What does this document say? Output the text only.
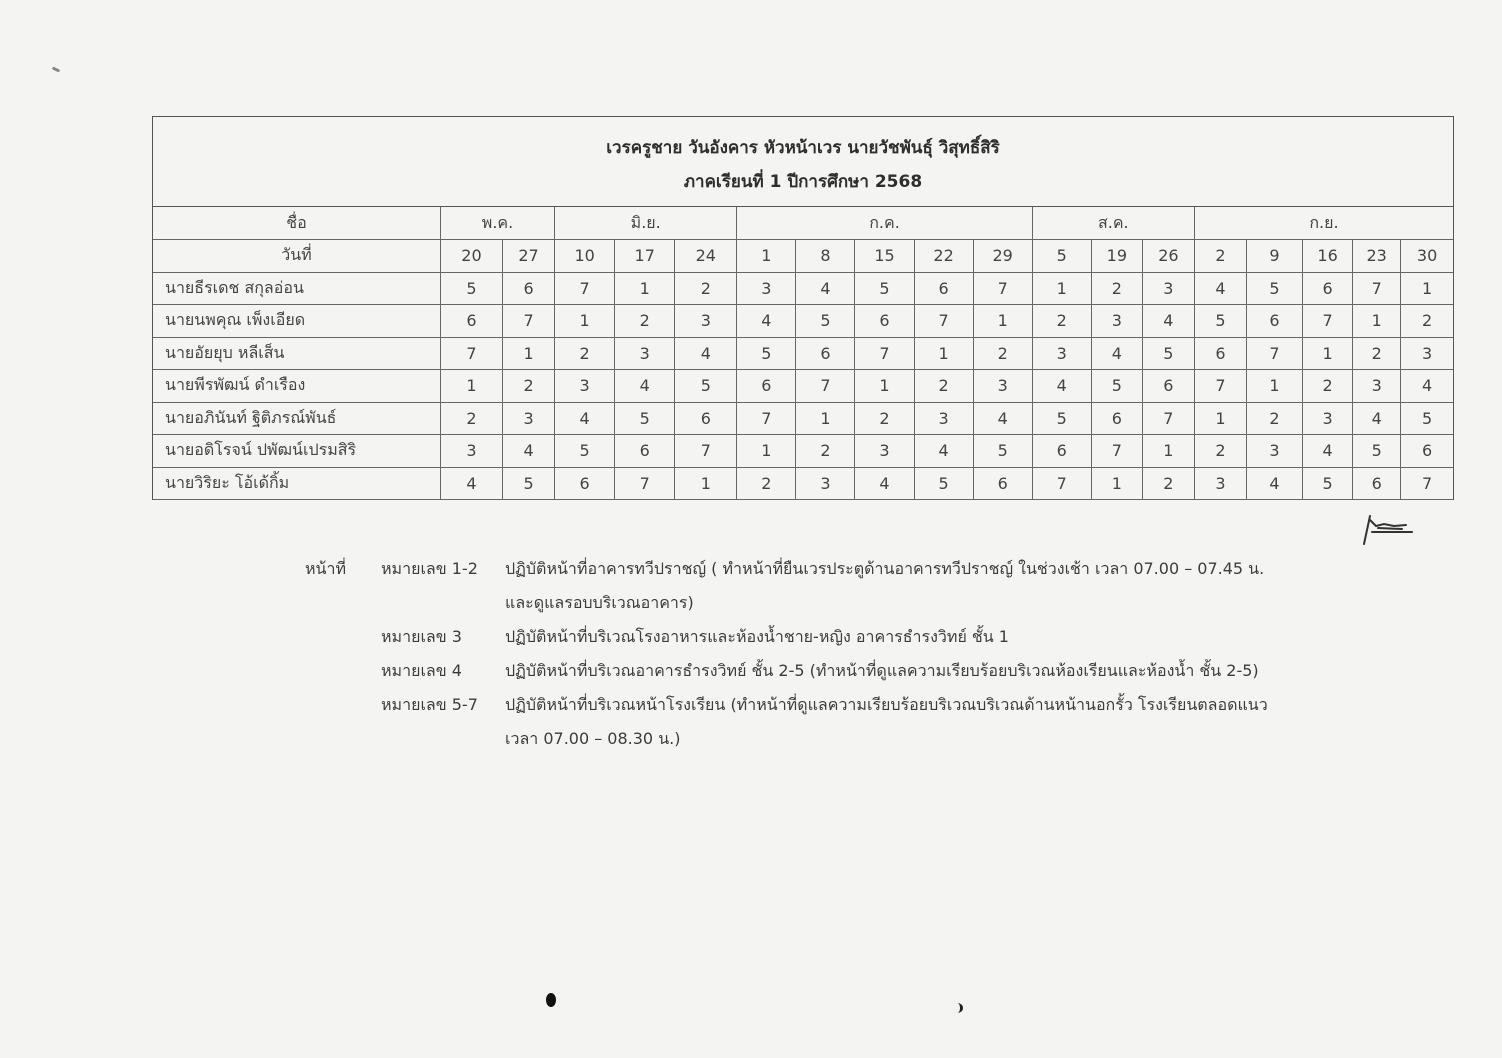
เวรครูชาย วันอังคาร หัวหน้าเวร นายวัชพันธุ์ วิสุทธิ์สิริ
ภาคเรียนที่ 1 ปีการศึกษา 2568
ชื่อ	พ.ค.		มิ.ย.			ก.ค.					ส.ค.			ก.ย.				
วันที่	20	27	10	17	24	1	8	15	22	29	5	19	26	2	9	16	23	30
นายธีรเดช สกุลอ่อน	5	6	7	1	2	3	4	5	6	7	1	2	3	4	5	6	7	1
นายนพคุณ เพ็งเอียด	6	7	1	2	3	4	5	6	7	1	2	3	4	5	6	7	1	2
นายอัยยุบ หลีเส็น	7	1	2	3	4	5	6	7	1	2	3	4	5	6	7	1	2	3
นายพีรพัฒน์ ดำเรือง	1	2	3	4	5	6	7	1	2	3	4	5	6	7	1	2	3	4
นายอภินันท์ ฐิติภรณ์พันธ์	2	3	4	5	6	7	1	2	3	4	5	6	7	1	2	3	4	5
นายอดิโรจน์ ปพัฒน์เปรมสิริ	3	4	5	6	7	1	2	3	4	5	6	7	1	2	3	4	5	6
นายวิริยะ โอ้เด้กิ้ม	4	5	6	7	1	2	3	4	5	6	7	1	2	3	4	5	6	7
หน้าที่ หมายเลข 1-2 ปฏิบัติหน้าที่อาคารทวีปราชญ์ ( ทำหน้าที่ยืนเวรประตูด้านอาคารทวีปราชญ์ ในช่วงเช้า เวลา 07.00 – 07.45 น.
และดูแลรอบบริเวณอาคาร)
หมายเลข 3	ปฏิบัติหน้าที่บริเวณโรงอาหารและห้องน้ำชาย-หญิง อาคารธำรงวิทย์ ชั้น 1
หมายเลข 4	ปฏิบัติหน้าที่บริเวณอาคารธำรงวิทย์ ชั้น 2-5 (ทำหน้าที่ดูแลความเรียบร้อยบริเวณห้องเรียนและห้องน้ำ ชั้น 2-5)
หมายเลข 5-7 ปฏิบัติหน้าที่บริเวณหน้าโรงเรียน (ทำหน้าที่ดูแลความเรียบร้อยบริเวณบริเวณด้านหน้านอกรั้ว โรงเรียนตลอดแนว
เวลา 07.00 – 08.30 น.)
